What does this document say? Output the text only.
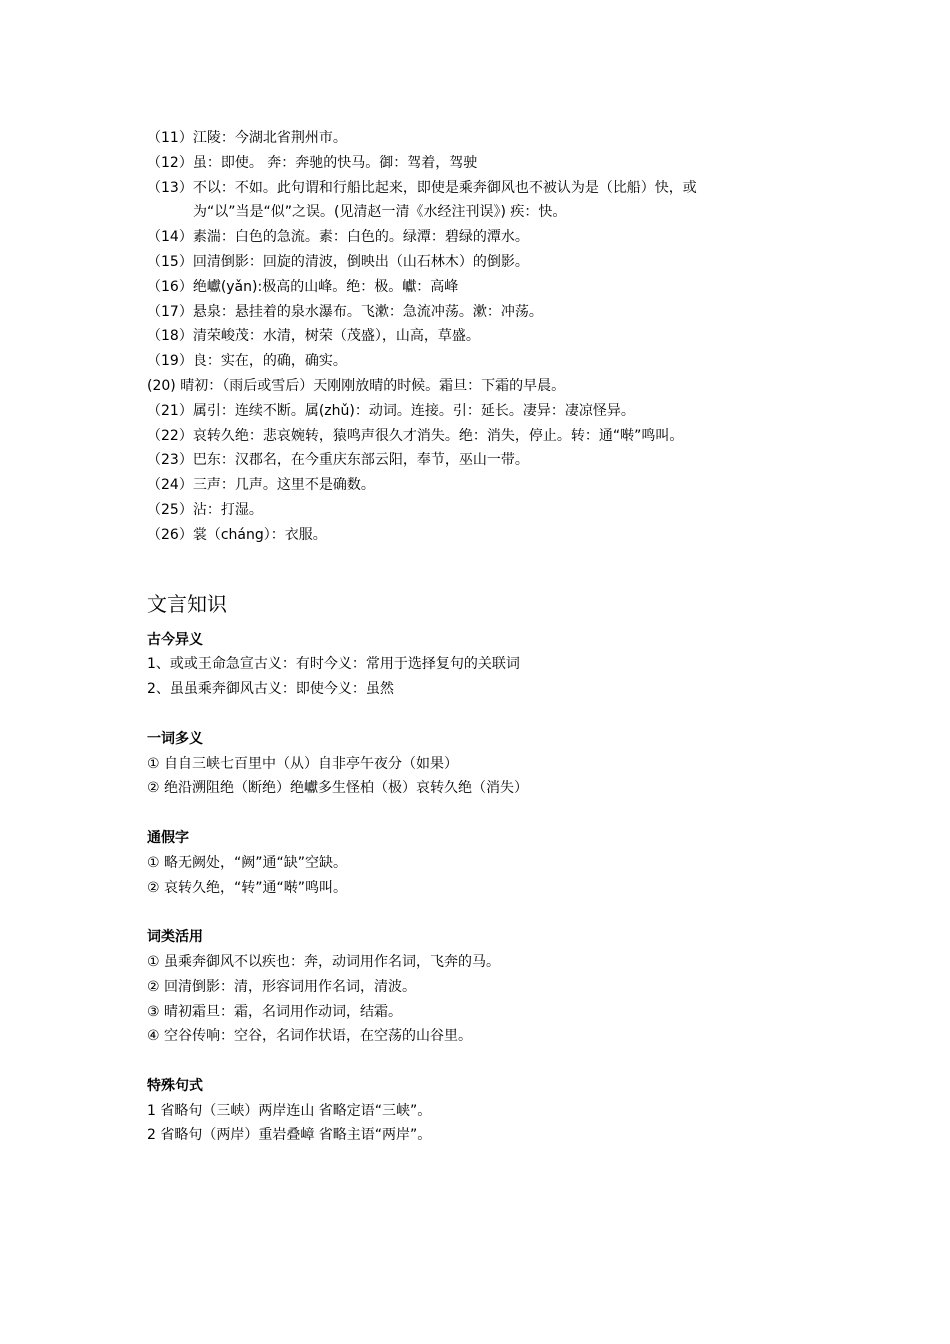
（11）江陵：今湖北省荆州市。
（12）虽：即使。 奔：奔驰的快马。御：驾着，驾驶
（13）不以：不如。此句谓和行船比起来，即使是乘奔御风也不被认为是（比船）快，或
为“以”当是“似”之误。(见清赵一清《水经注刊误》) 疾：快。
（14）素湍：白色的急流。素：白色的。绿潭：碧绿的潭水。
（15）回清倒影：回旋的清波，倒映出（山石林木）的倒影。
（16）绝巘(yǎn):极高的山峰。绝：极。巘：高峰
（17）悬泉：悬挂着的泉水瀑布。飞漱：急流冲荡。漱：冲荡。
（18）清荣峻茂：水清，树荣（茂盛），山高，草盛。
（19）良：实在，的确，确实。
(20) 晴初：（雨后或雪后）天刚刚放晴的时候。霜旦：下霜的早晨。
（21）属引：连续不断。属(zhǔ)：动词。连接。引：延长。凄异：凄凉怪异。
（22）哀转久绝：悲哀婉转，猿鸣声很久才消失。绝：消失，停止。转：通“啭”鸣叫。
（23）巴东：汉郡名，在今重庆东部云阳，奉节，巫山一带。
（24）三声：几声。这里不是确数。
（25）沾：打湿。
（26）裳（cháng）：衣服。
文言知识
古今异义
1、或或王命急宣古义：有时今义：常用于选择复句的关联词
2、虽虽乘奔御风古义：即使今义：虽然
一词多义
① 自自三峡七百里中（从）自非亭午夜分（如果）
② 绝沿溯阻绝（断绝）绝巘多生怪柏（极）哀转久绝（消失）
通假字
① 略无阙处，“阙”通“缺”空缺。
② 哀转久绝，“转”通“啭”鸣叫。
词类活用
① 虽乘奔御风不以疾也：奔，动词用作名词，飞奔的马。
② 回清倒影：清，形容词用作名词，清波。
③ 晴初霜旦：霜，名词用作动词，结霜。
④ 空谷传响：空谷，名词作状语，在空荡的山谷里。
特殊句式
1 省略句（三峡）两岸连山 省略定语“三峡”。
2 省略句（两岸）重岩叠嶂 省略主语“两岸”。
